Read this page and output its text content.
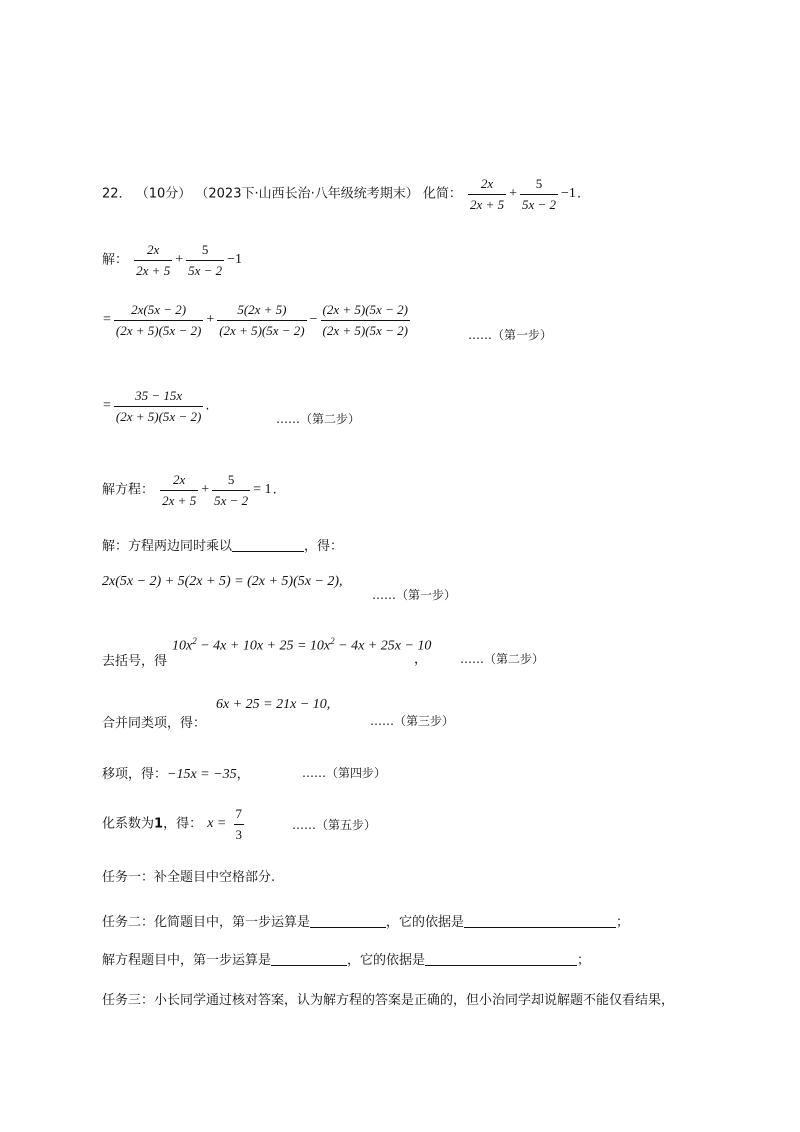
22． （10分） （2023下·山西长治·八年级统考期末） 化简： $\frac{2x}{2x + 5} + \frac{5}{5x - 2} -1$.
解： $\frac{2x}{2x + 5} + \frac{5}{5x - 2} -1$
= $\frac{2x(5x - 2)}{(2x + 5)(5x - 2)} + \frac{5(2x + 5)}{(2x + 5)(5x - 2)} - \frac{(2x + 5)(5x - 2)}{(2x + 5)(5x - 2)}$	……（第一步）
= $\frac{35 - 15x}{(2x + 5)(5x - 2)}$ .
……（第二步）
解方程： $\frac{2x}{2x + 5} + \frac{5}{5x - 2} = 1$.
解：方程两边同时乘以	，得：
2x(5x − 2) + 5(2x + 5) = (2x + 5)(5x − 2),
……（第一步）
去括号，得
$10x^2 - 4x + 10x + 25 = 10x^2 - 4x + 25x - 10$
，	……（第二步）
6x + 25 = 21x − 10,
合并同类项，得：	……（第三步）
移项，得：−15x = −35，	……（第四步）
化系数为1，得： $x = \frac{7}{3}$	……（第五步）
任务一：补全题目中空格部分.
任务二：化简题目中，第一步运算是	，它的依据是	；
解方程题目中，第一步运算是	，它的依据是	；
任务三：小长同学通过核对答案，认为解方程的答案是正确的，但小治同学却说解题不能仅看结果，
